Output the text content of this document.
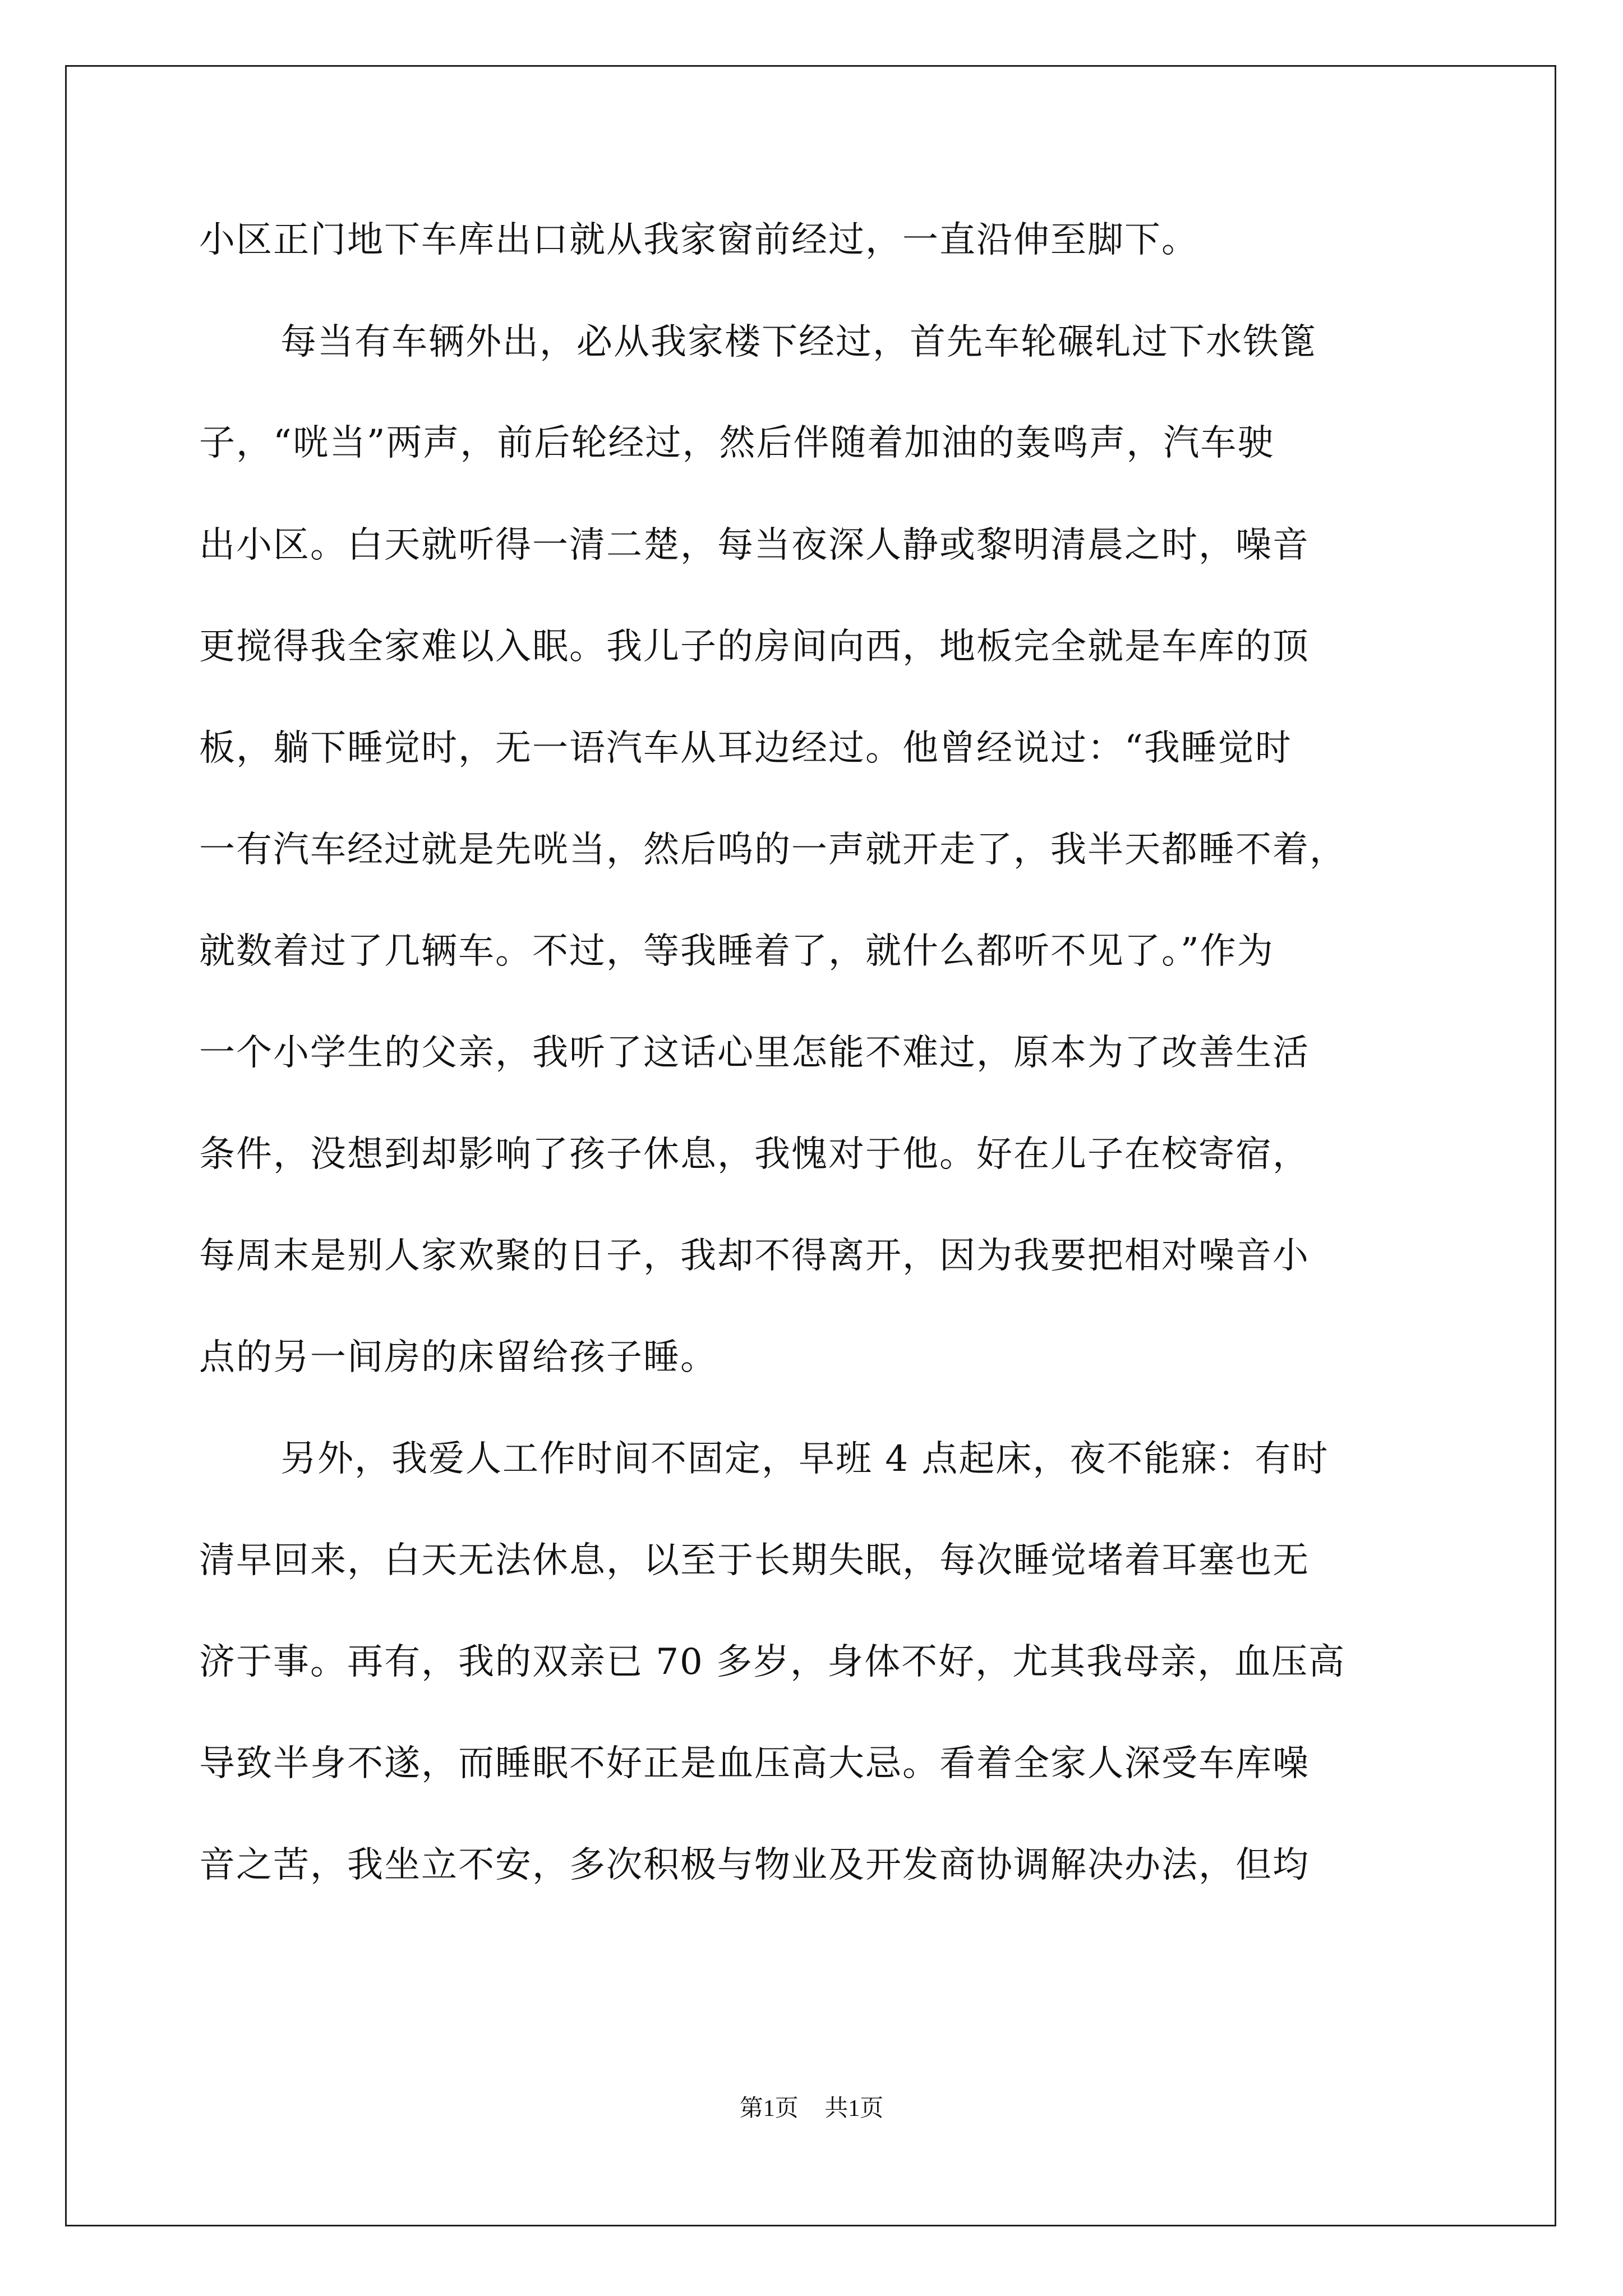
小区正门地下车库出口就从我家窗前经过，一直沿伸至脚下。
每当有车辆外出，必从我家楼下经过，首先车轮碾轧过下水铁篦
子，“咣当”两声，前后轮经过，然后伴随着加油的轰鸣声，汽车驶
出小区。白天就听得一清二楚，每当夜深人静或黎明清晨之时，噪音
更搅得我全家难以入眠。我儿子的房间向西，地板完全就是车库的顶
板，躺下睡觉时，无一语汽车从耳边经过。他曾经说过：“我睡觉时
一有汽车经过就是先咣当，然后呜的一声就开走了，我半天都睡不着，
就数着过了几辆车。不过，等我睡着了，就什么都听不见了。”作为
一个小学生的父亲，我听了这话心里怎能不难过，原本为了改善生活
条件，没想到却影响了孩子休息，我愧对于他。好在儿子在校寄宿，
每周末是别人家欢聚的日子，我却不得离开，因为我要把相对噪音小
点的另一间房的床留给孩子睡。
另外，我爱人工作时间不固定，早班 4 点起床，夜不能寐：有时
清早回来，白天无法休息，以至于长期失眠，每次睡觉堵着耳塞也无
济于事。再有，我的双亲已 70 多岁，身体不好，尤其我母亲，血压高
导致半身不遂，而睡眠不好正是血压高大忌。看着全家人深受车库噪
音之苦，我坐立不安，多次积极与物业及开发商协调解决办法，但均
第1页 共1页
